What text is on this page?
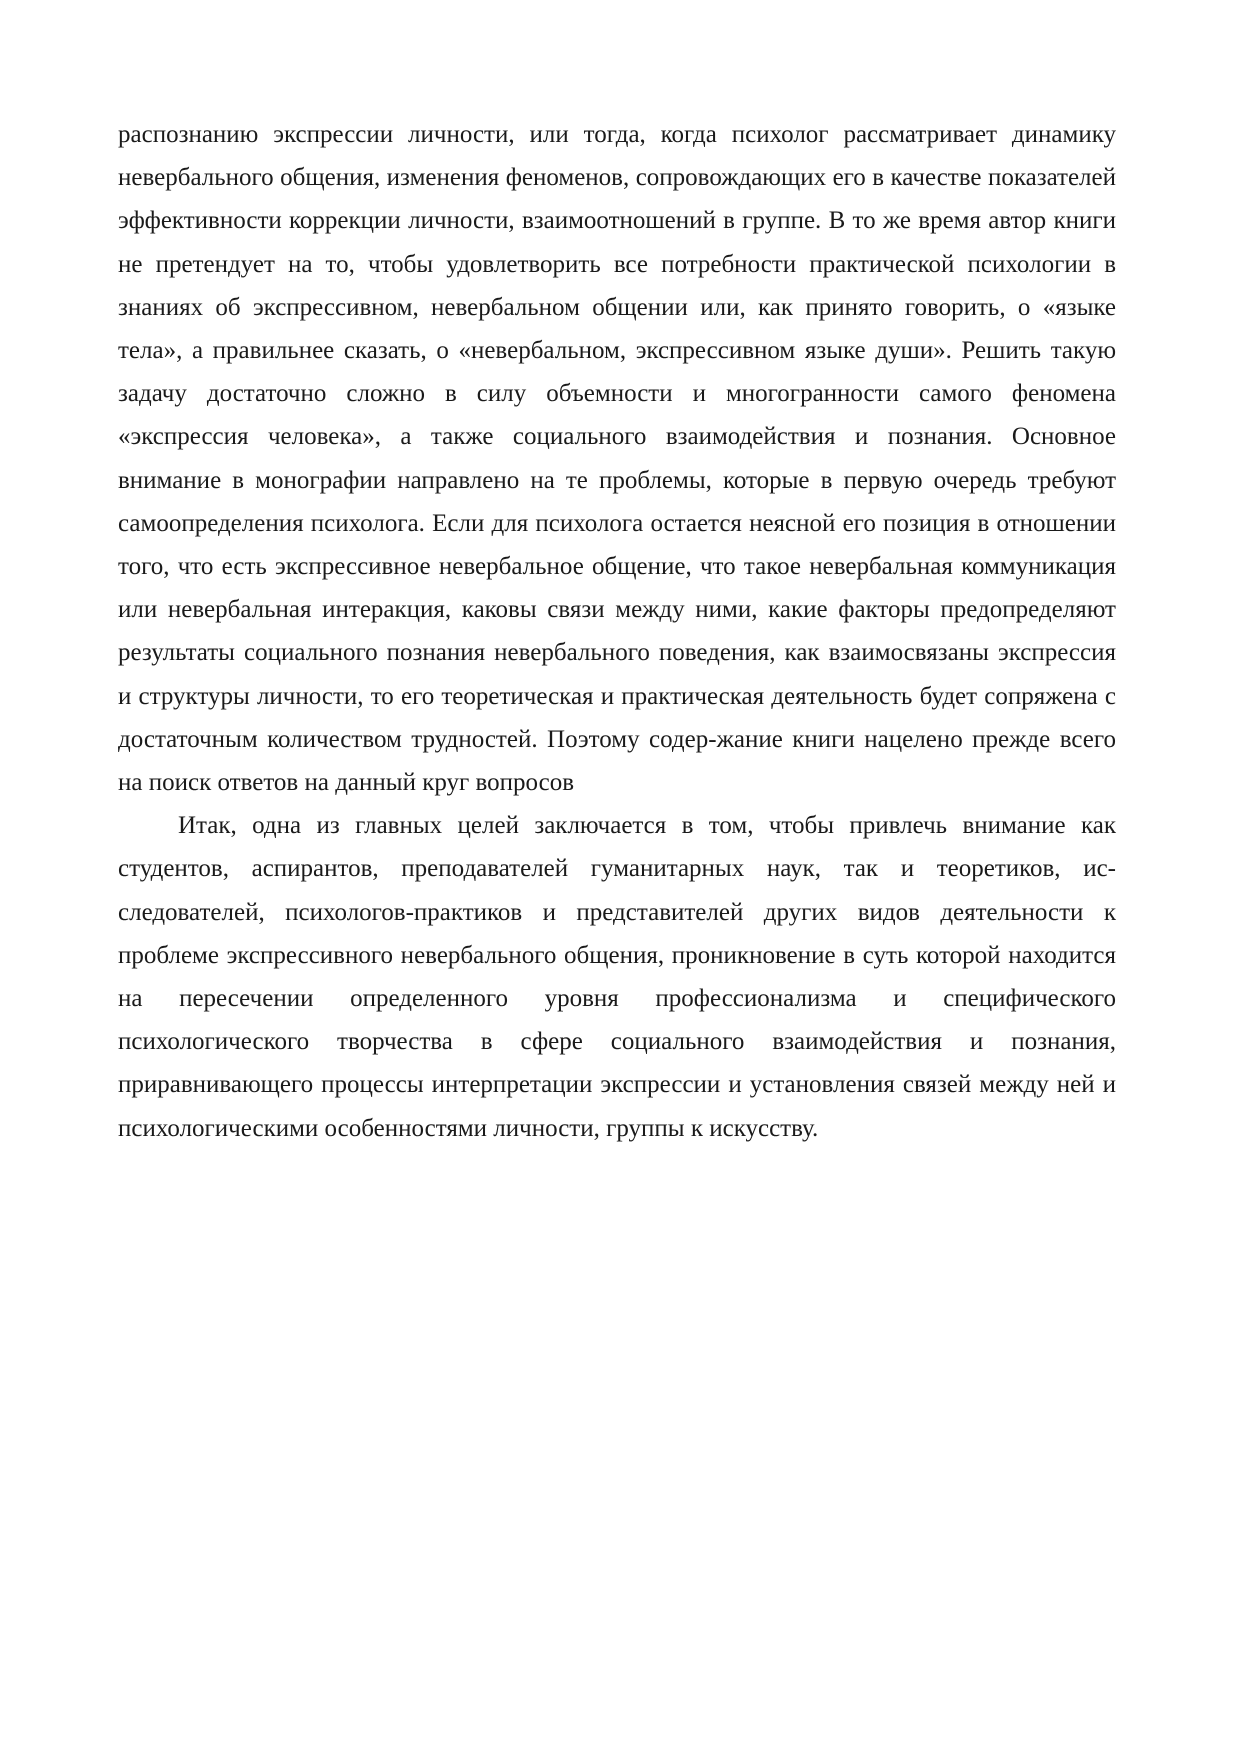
распознанию экспрессии личности, или тогда, когда психолог рассматривает динамику невербального общения, изменения феноменов, сопровождающих его в качестве показателей эффективности коррекции личности, взаимоотношений в группе. В то же время автор книги не претендует на то, чтобы удовлетворить все потребности практической психологии в знаниях об экспрессивном, невербальном общении или, как принято говорить, о «языке тела», а правильнее сказать, о «невербальном, экспрессивном языке души». Решить такую задачу достаточно сложно в силу объемности и многогранности самого феномена «экспрессия человека», а также социального взаимодействия и познания. Основное внимание в монографии направлено на те проблемы, которые в первую очередь требуют самоопределения психолога. Если для психолога остается неясной его позиция в отношении того, что есть экспрессивное невербальное общение, что такое невербальная коммуникация или невербальная интеракция, каковы связи между ними, какие факторы предопределяют результаты социального познания невербального поведения, как взаимосвязаны экспрессия и структуры личности, то его теоретическая и практическая деятельность будет сопряжена с достаточным количеством трудностей. Поэтому содер-жание книги нацелено прежде всего на поиск ответов на данный круг вопросов

Итак, одна из главных целей заключается в том, чтобы привлечь внимание как студентов, аспирантов, преподавателей гуманитарных наук, так и теоретиков, ис-следователей, психологов-практиков и представителей других видов деятельности к проблеме экспрессивного невербального общения, проникновение в суть которой находится на пересечении определенного уровня профессионализма и специфического психологического творчества в сфере социального взаимодействия и познания, приравнивающего процессы интерпретации экспрессии и установления связей между ней и психологическими особенностями личности, группы к искусству.
